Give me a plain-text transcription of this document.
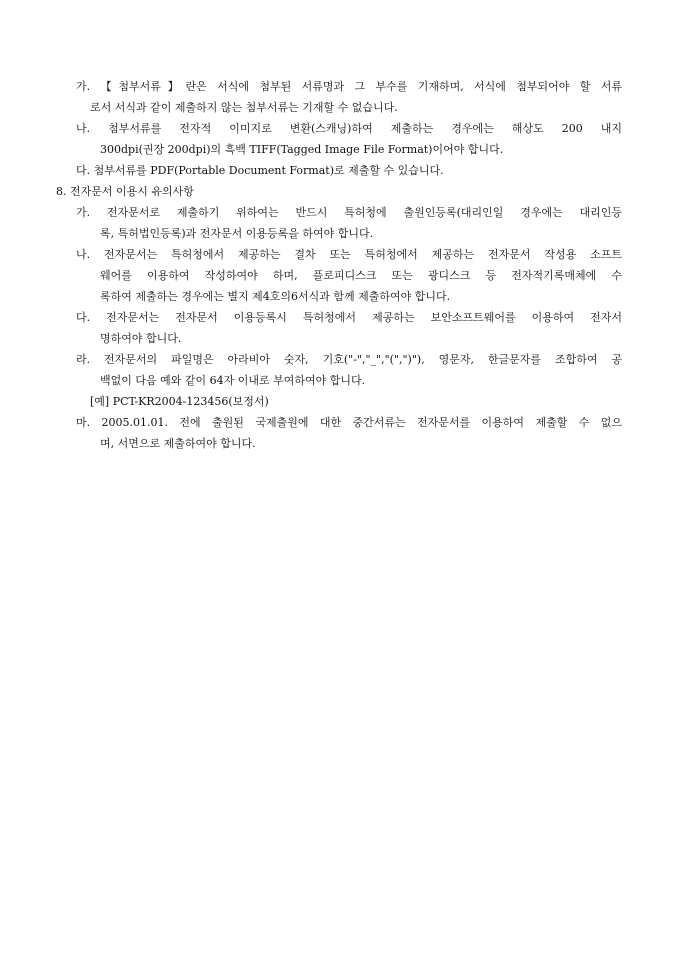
가. 【첨부서류】란은 서식에 첨부된 서류명과 그 부수를 기재하며, 서식에 첨부되어야 할 서류
로서 서식과 같이 제출하지 않는 첨부서류는 기재할 수 없습니다.
나. 첨부서류를 전자적 이미지로 변환(스캐닝)하여 제출하는 경우에는 해상도 200 내지
300dpi(권장 200dpi)의 흑백 TIFF(Tagged Image File Format)이어야 합니다.
다. 첨부서류를 PDF(Portable Document Format)로 제출할 수 있습니다.
8. 전자문서 이용시 유의사항
가. 전자문서로 제출하기 위하여는 반드시 특허청에 출원인등록(대리인일 경우에는 대리인등
록, 특허법인등록)과 전자문서 이용등록을 하여야 합니다.
나. 전자문서는 특허청에서 제공하는 결차 또는 특허청에서 제공하는 전자문서 작성용 소프트
웨어를 이용하여 작성하여야 하며, 플로피디스크 또는 광디스크 등 전자적기록매체에 수
록하여 제출하는 경우에는 별지 제4호의6서식과 함께 제출하여야 합니다.
다. 전자문서는 전자문서 이용등록시 특허청에서 제공하는 보안소프트웨어를 이용하여 전자서
명하여야 합니다.
라. 전자문서의 파일명은 아라비아 숫자, 기호("-","_","(",")"), 영문자, 한글문자를 조합하여 공
백없이 다음 예와 같이 64자 이내로 부여하여야 합니다.
[예] PCT-KR2004-123456(보정서)
마. 2005.01.01. 전에 출원된 국제출원에 대한 중간서류는 전자문서를 이용하여 제출할 수 없으
며, 서면으로 제출하여야 합니다.
